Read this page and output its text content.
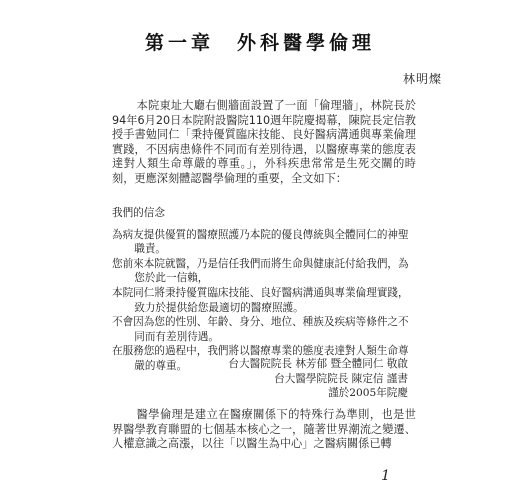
第一章　外科醫學倫理
林明燦

本院東址大廳右側牆面設置了一面「倫理牆」，林院長於94年6月20日本院附設醫院110週年院慶揭幕，陳院長定信教授手書勉同仁「秉持優質臨床技能、良好醫病溝通與專業倫理實踐，不因病患條件不同而有差別待遇，以醫療專業的態度表達對人類生命尊嚴的尊重。」，外科疾患常常是生死交關的時刻，更應深刻體認醫學倫理的重要，全文如下：

我們的信念

為病友提供優質的醫療照護乃本院的優良傳統與全體同仁的神聖職責。

您前來本院就醫，乃是信任我們而將生命與健康託付給我們，為您於此一信賴，

本院同仁將秉持優質臨床技能、良好醫病溝通與專業倫理實踐，致力於提供給您最適切的醫療照護。

不會因為您的性別、年齡、身分、地位、種族及疾病等條件之不同而有差別待遇。

在服務您的過程中，我們將以醫療專業的態度表達對人類生命尊嚴的尊重。	台大醫院院長 林芳郁 暨全體同仁 敬啟
台大醫學院院長 陳定信 謹書
謹於2005年院慶

醫學倫理是建立在醫療關係下的特殊行為準則，也是世界醫學教育聯盟的七個基本核心之一，隨著世界潮流之變遷、人權意識之高漲，以往「以醫生為中心」之醫病關係已轉

1
